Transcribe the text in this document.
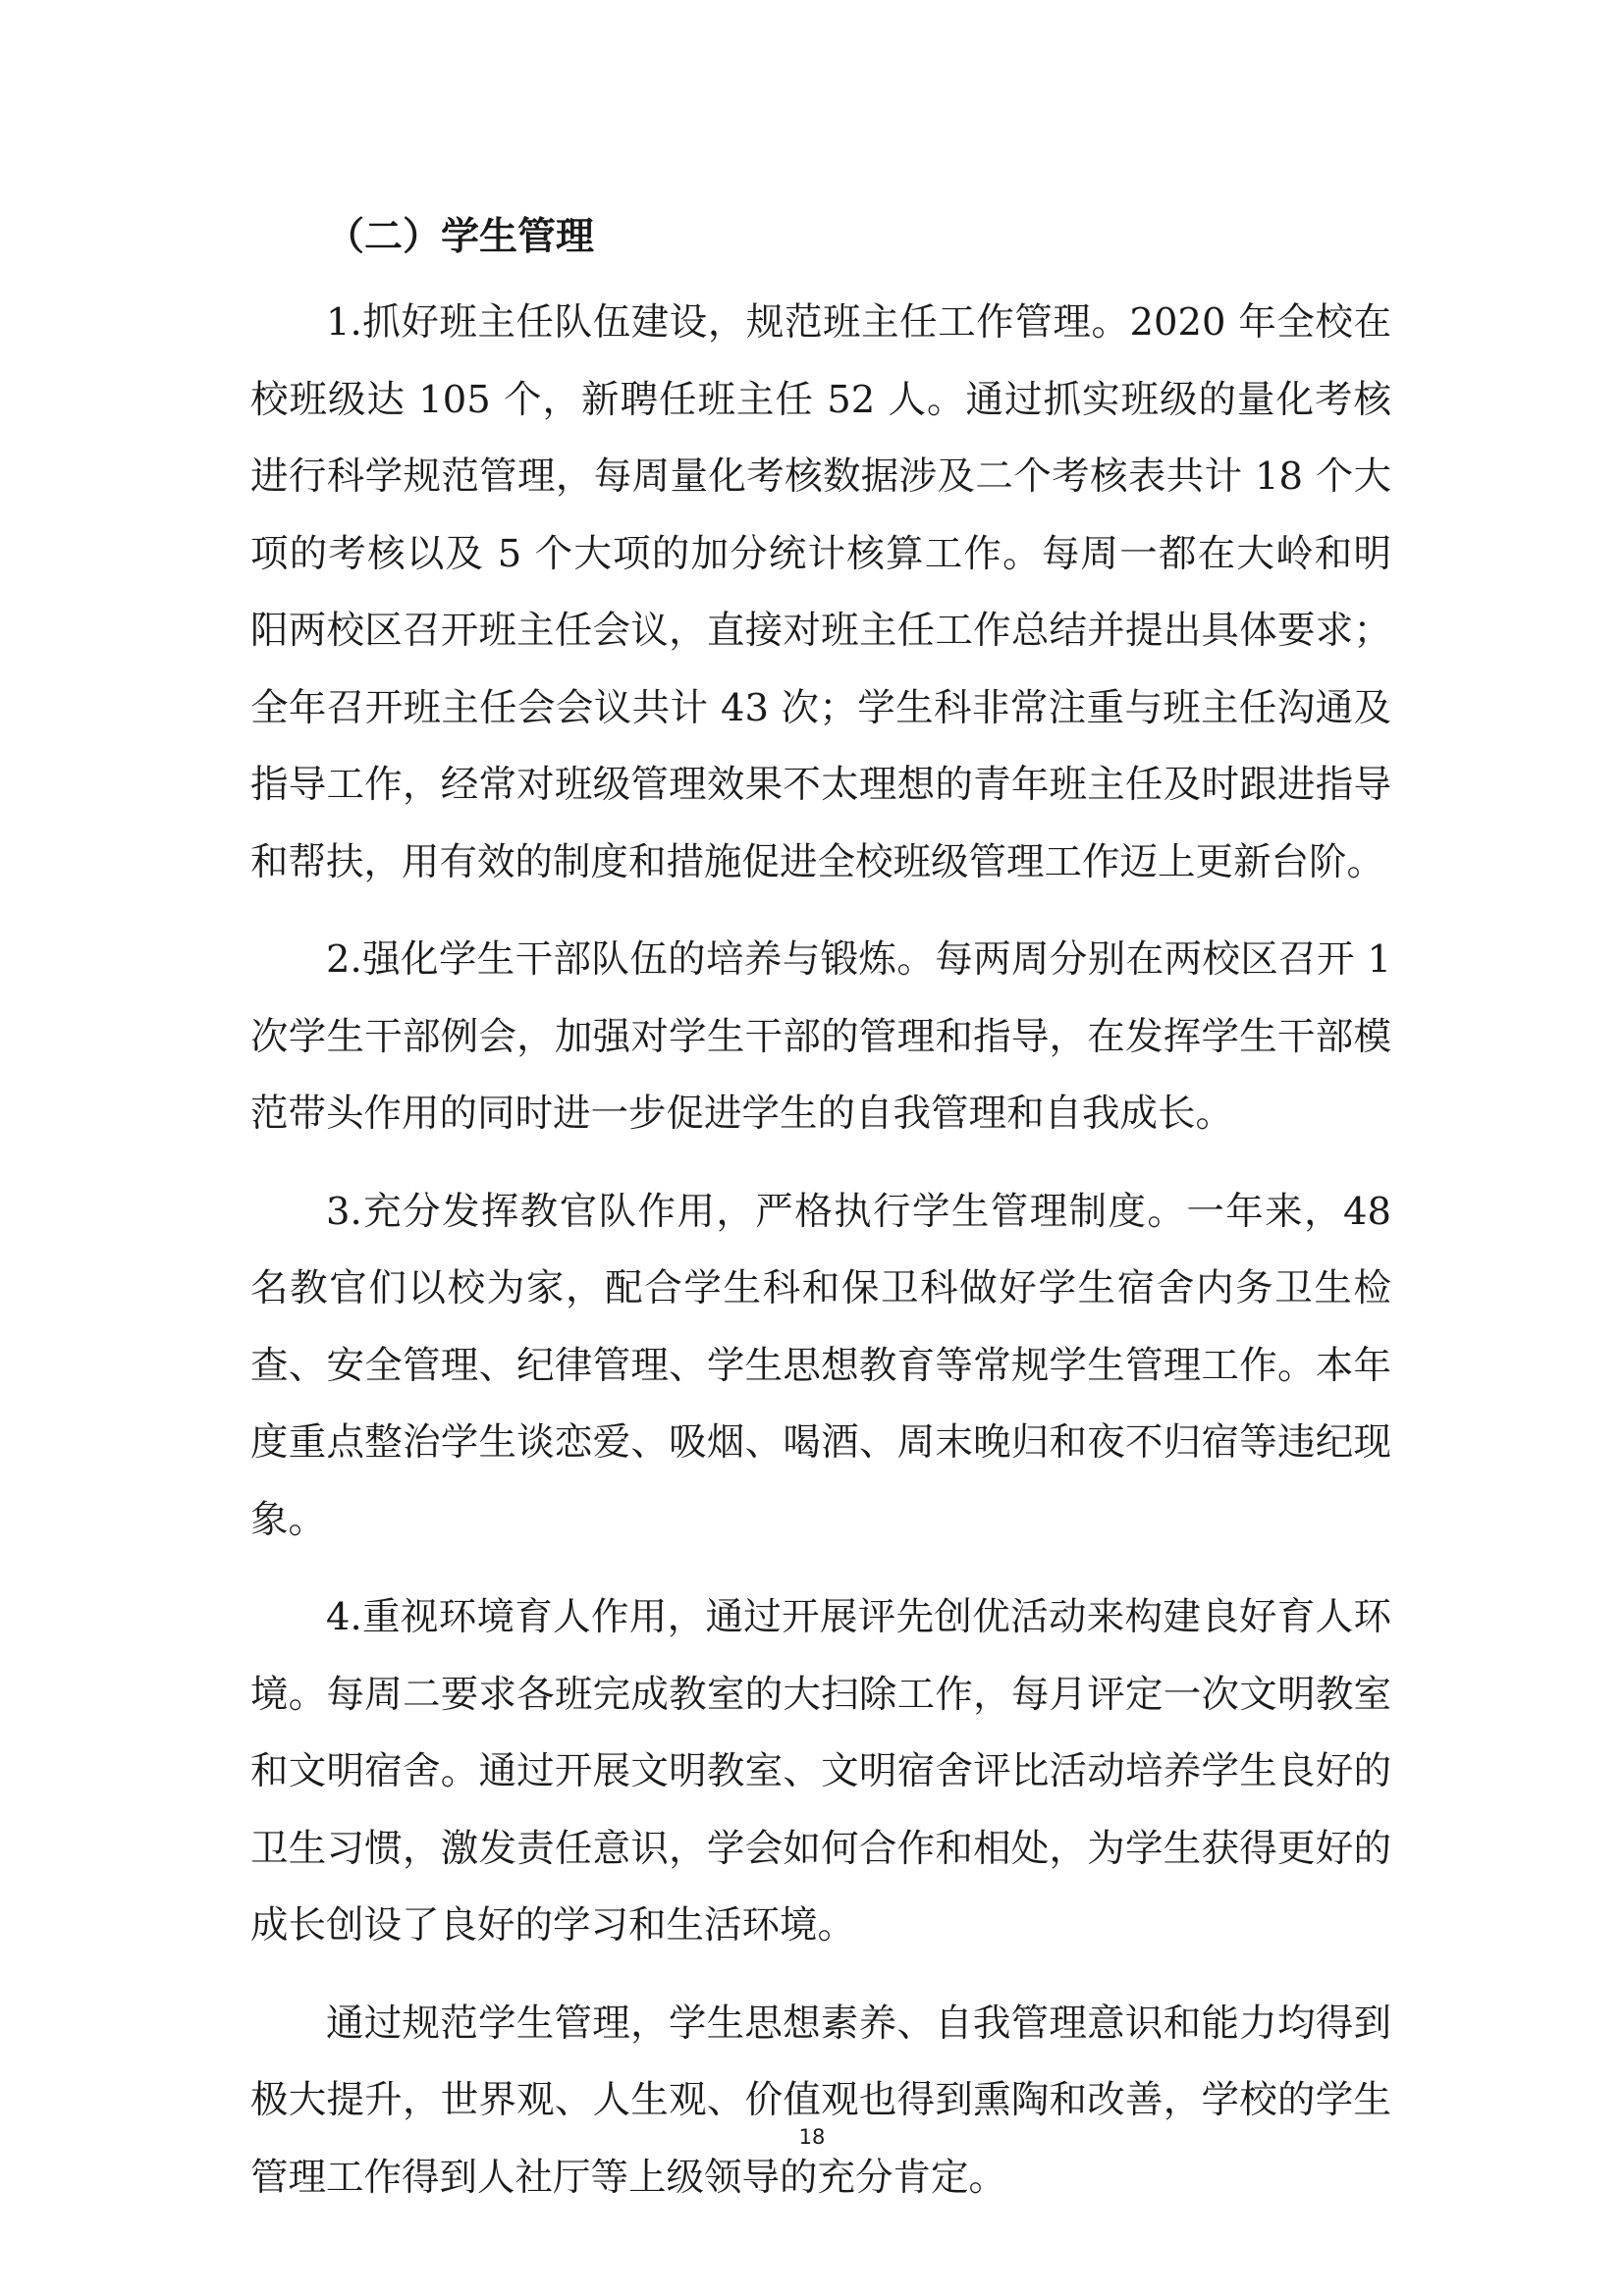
（二）学生管理

1.抓好班主任队伍建设，规范班主任工作管理。2020 年全校在校班级达 105 个，新聘任班主任 52 人。通过抓实班级的量化考核进行科学规范管理，每周量化考核数据涉及二个考核表共计 18 个大项的考核以及 5 个大项的加分统计核算工作。每周一都在大岭和明阳两校区召开班主任会议，直接对班主任工作总结并提出具体要求；全年召开班主任会会议共计 43 次；学生科非常注重与班主任沟通及指导工作，经常对班级管理效果不太理想的青年班主任及时跟进指导和帮扶，用有效的制度和措施促进全校班级管理工作迈上更新台阶。

2.强化学生干部队伍的培养与锻炼。每两周分别在两校区召开 1 次学生干部例会，加强对学生干部的管理和指导，在发挥学生干部模范带头作用的同时进一步促进学生的自我管理和自我成长。

3.充分发挥教官队作用，严格执行学生管理制度。一年来，48 名教官们以校为家，配合学生科和保卫科做好学生宿舍内务卫生检查、安全管理、纪律管理、学生思想教育等常规学生管理工作。本年度重点整治学生谈恋爱、吸烟、喝酒、周末晚归和夜不归宿等违纪现象。

4.重视环境育人作用，通过开展评先创优活动来构建良好育人环境。每周二要求各班完成教室的大扫除工作，每月评定一次文明教室和文明宿舍。通过开展文明教室、文明宿舍评比活动培养学生良好的卫生习惯，激发责任意识，学会如何合作和相处，为学生获得更好的成长创设了良好的学习和生活环境。

通过规范学生管理，学生思想素养、自我管理意识和能力均得到极大提升，世界观、人生观、价值观也得到熏陶和改善，学校的学生管理工作得到人社厅等上级领导的充分肯定。

18
